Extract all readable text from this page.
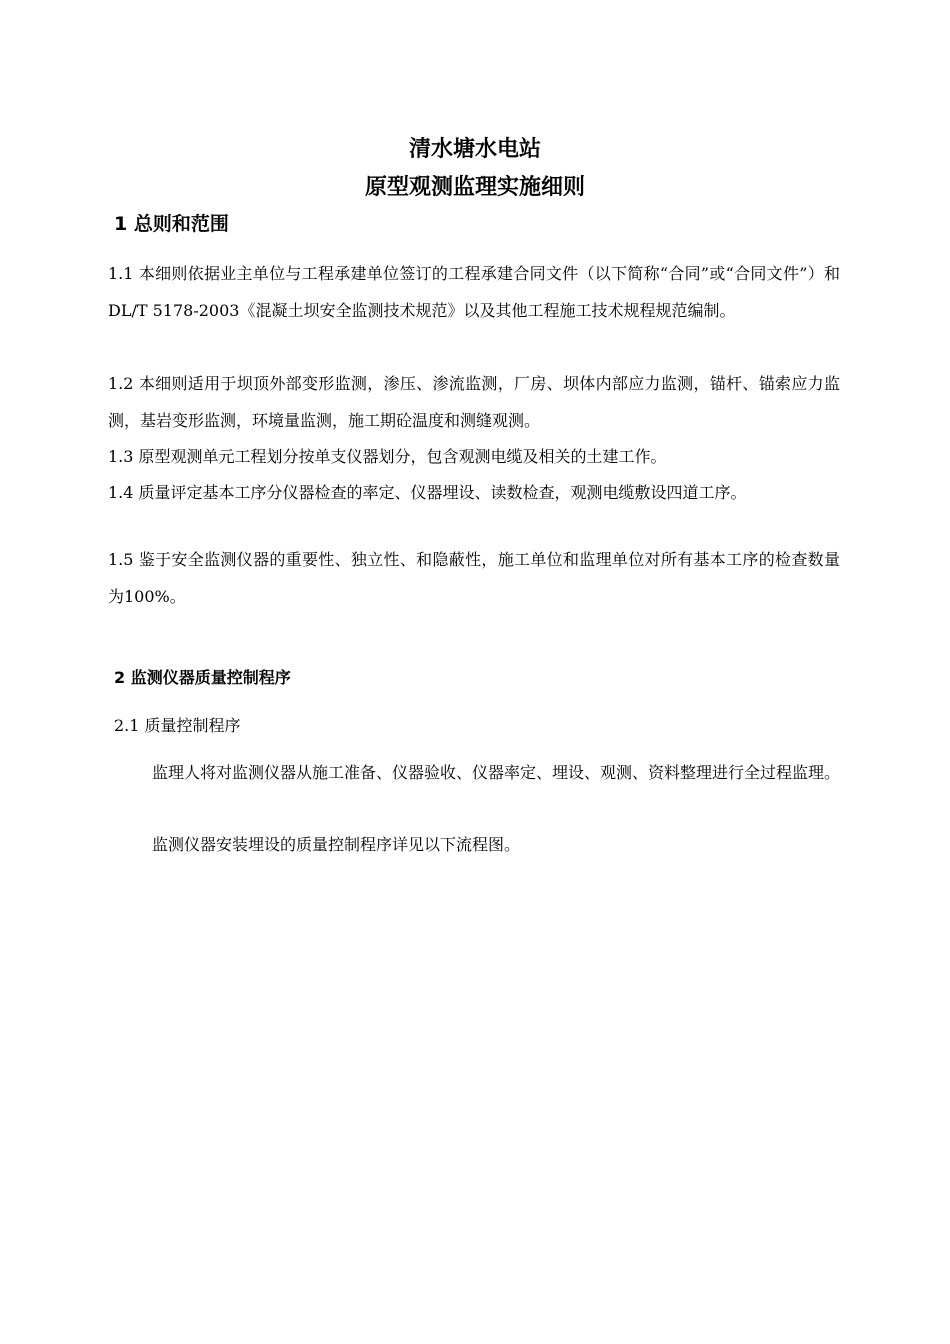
清水塘水电站
原型观测监理实施细则
1 总则和范围

1.1 本细则依据业主单位与工程承建单位签订的工程承建合同文件（以下简称“合同”或“合同文件”）和DL/T 5178-2003《混凝土坝安全监测技术规范》以及其他工程施工技术规程规范编制。

1.2 本细则适用于坝顶外部变形监测，渗压、渗流监测，厂房、坝体内部应力监测，锚杆、锚索应力监测，基岩变形监测，环境量监测，施工期砼温度和测缝观测。

1.3 原型观测单元工程划分按单支仪器划分，包含观测电缆及相关的土建工作。

1.4 质量评定基本工序分仪器检查的率定、仪器埋设、读数检查，观测电缆敷设四道工序。

1.5 鉴于安全监测仪器的重要性、独立性、和隐蔽性，施工单位和监理单位对所有基本工序的检查数量为100%。

2 监测仪器质量控制程序

2.1 质量控制程序

监理人将对监测仪器从施工准备、仪器验收、仪器率定、埋设、观测、资料整理进行全过程监理。

监测仪器安装埋设的质量控制程序详见以下流程图。
